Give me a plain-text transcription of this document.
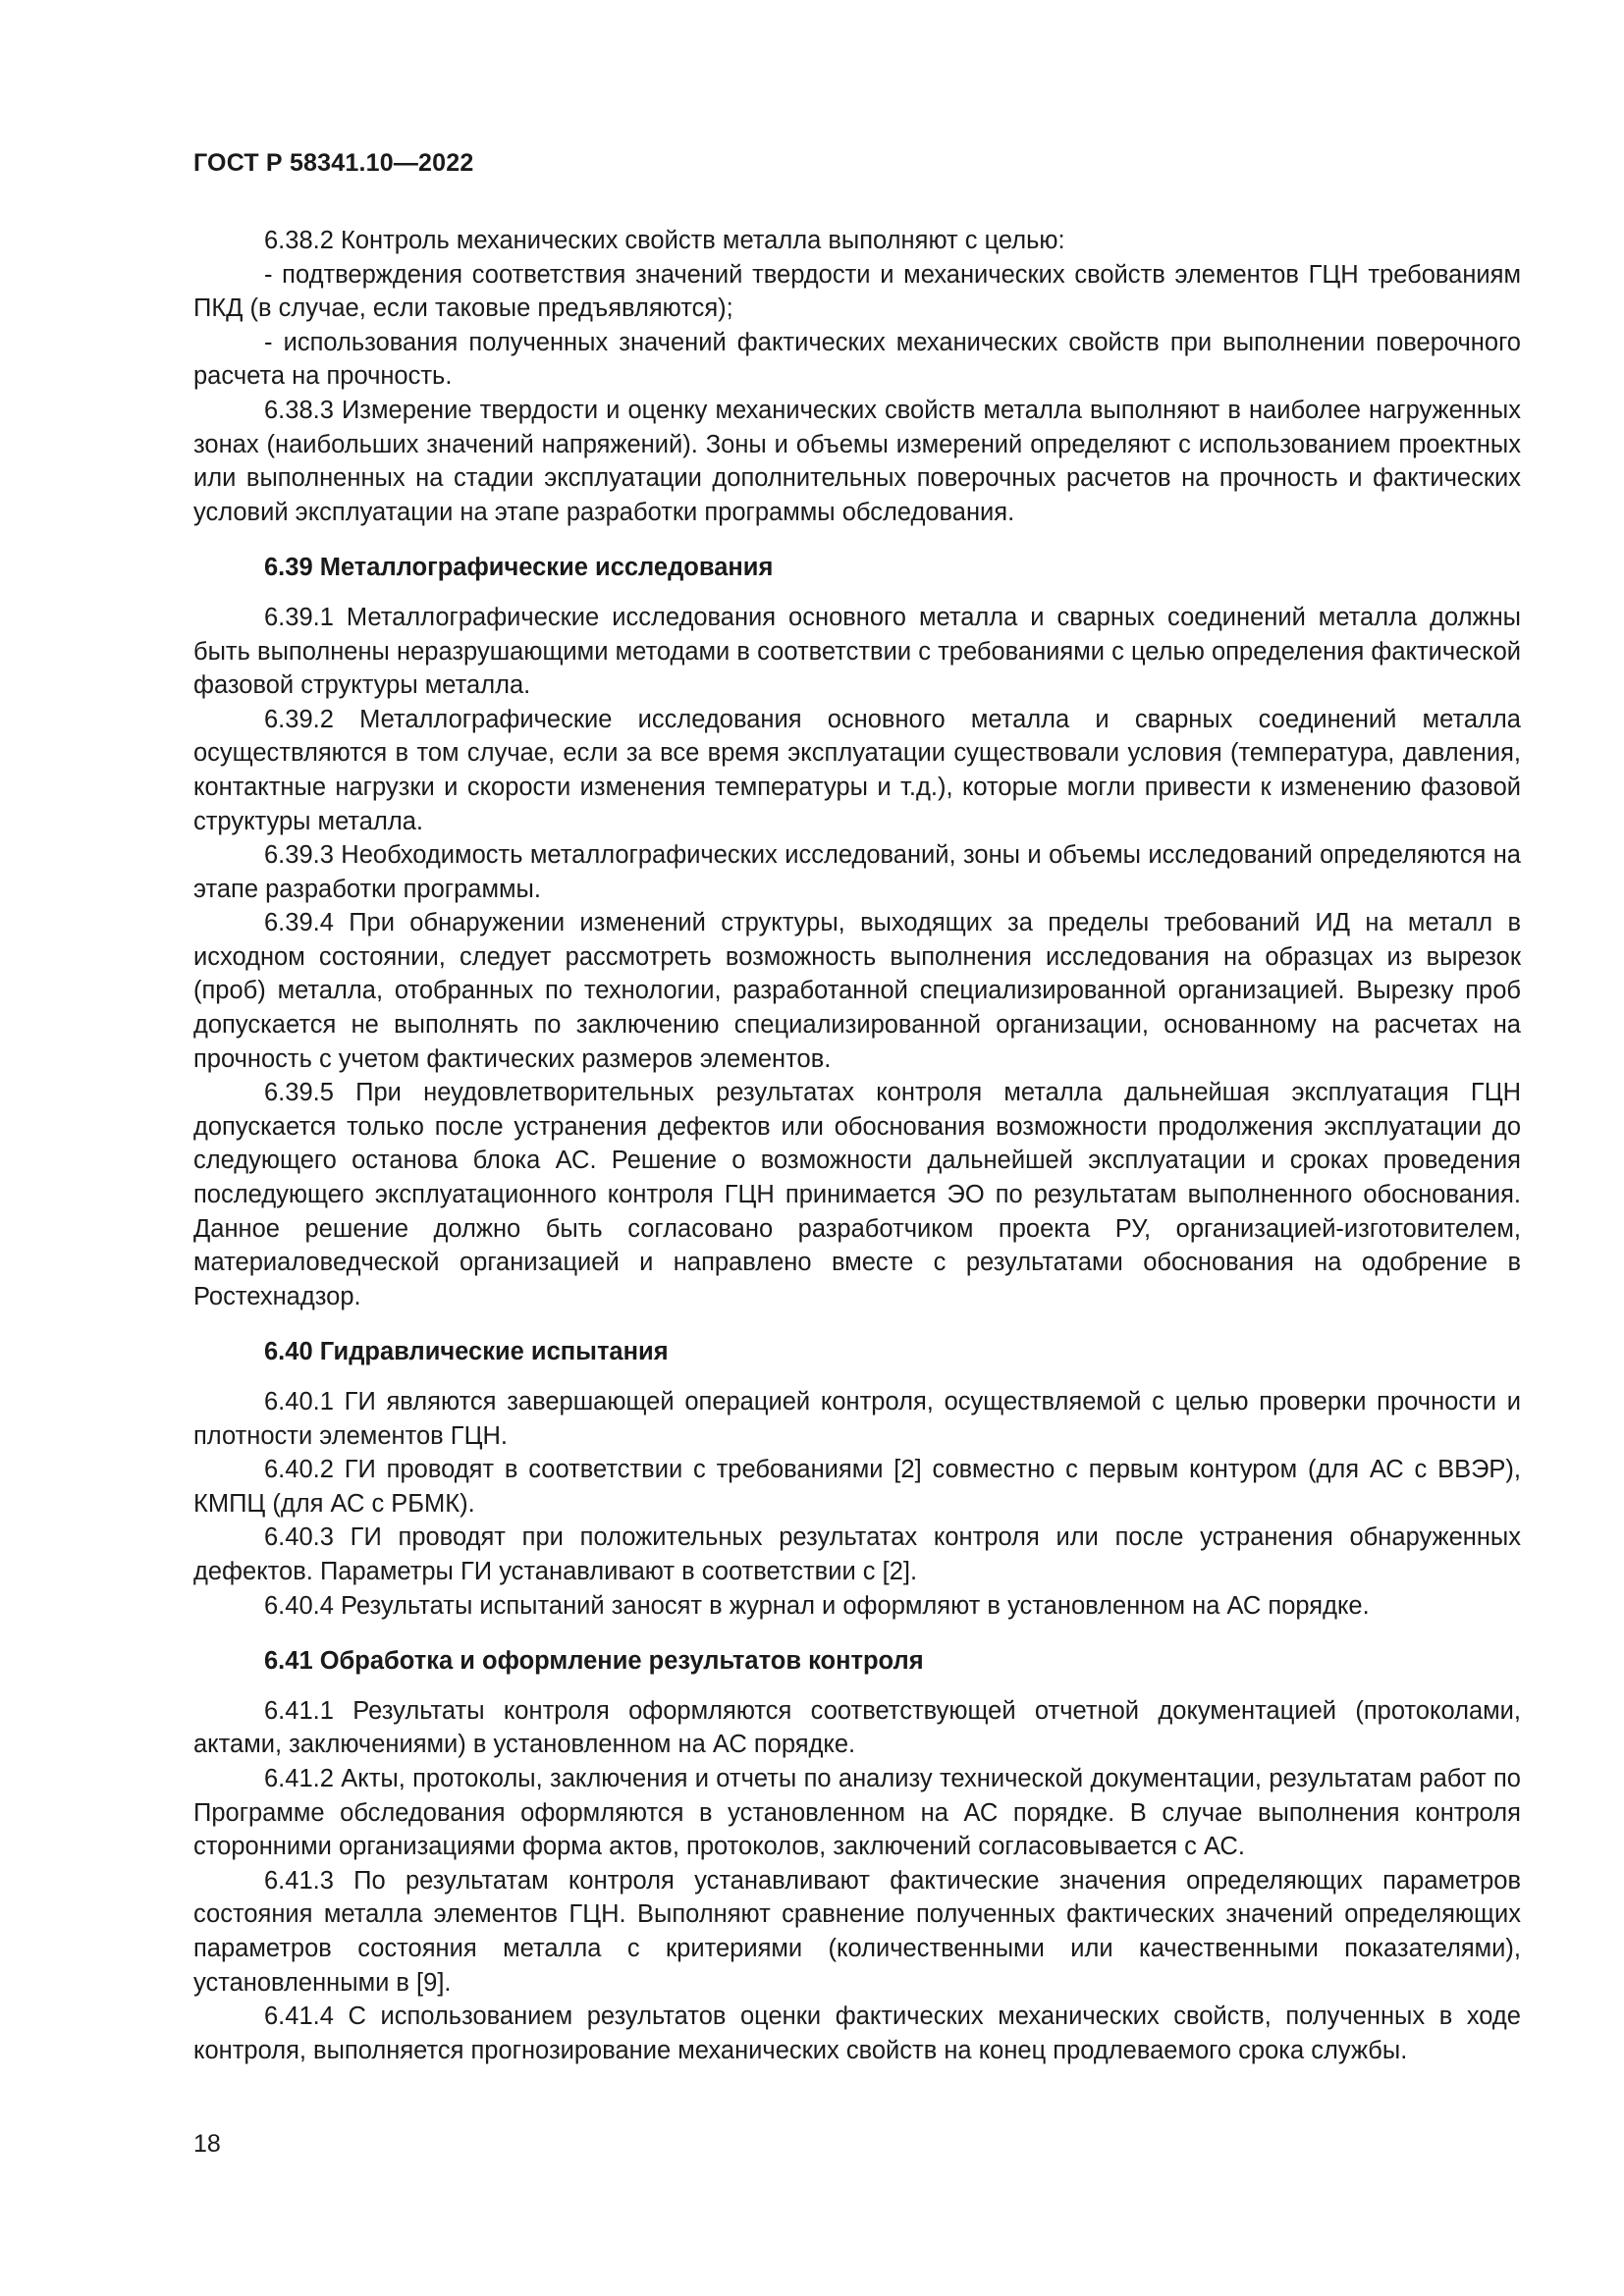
ГОСТ Р 58341.10—2022

6.38.2 Контроль механических свойств металла выполняют с целью:

- подтверждения соответствия значений твердости и механических свойств элементов ГЦН требованиям ПКД (в случае, если таковые предъявляются);

- использования полученных значений фактических механических свойств при выполнении поверочного расчета на прочность.

6.38.3 Измерение твердости и оценку механических свойств металла выполняют в наиболее нагруженных зонах (наибольших значений напряжений). Зоны и объемы измерений определяют с использованием проектных или выполненных на стадии эксплуатации дополнительных поверочных расчетов на прочность и фактических условий эксплуатации на этапе разработки программы обследования.

6.39 Металлографические исследования

6.39.1 Металлографические исследования основного металла и сварных соединений металла должны быть выполнены неразрушающими методами в соответствии с требованиями с целью определения фактической фазовой структуры металла.

6.39.2 Металлографические исследования основного металла и сварных соединений металла осуществляются в том случае, если за все время эксплуатации существовали условия (температура, давления, контактные нагрузки и скорости изменения температуры и т.д.), которые могли привести к изменению фазовой структуры металла.

6.39.3 Необходимость металлографических исследований, зоны и объемы исследований определяются на этапе разработки программы.

6.39.4 При обнаружении изменений структуры, выходящих за пределы требований ИД на металл в исходном состоянии, следует рассмотреть возможность выполнения исследования на образцах из вырезок (проб) металла, отобранных по технологии, разработанной специализированной организацией. Вырезку проб допускается не выполнять по заключению специализированной организации, основанному на расчетах на прочность с учетом фактических размеров элементов.

6.39.5 При неудовлетворительных результатах контроля металла дальнейшая эксплуатация ГЦН допускается только после устранения дефектов или обоснования возможности продолжения эксплуатации до следующего останова блока АС. Решение о возможности дальнейшей эксплуатации и сроках проведения последующего эксплуатационного контроля ГЦН принимается ЭО по результатам выполненного обоснования. Данное решение должно быть согласовано разработчиком проекта РУ, организацией-изготовителем, материаловедческой организацией и направлено вместе с результатами обоснования на одобрение в Ростехнадзор.

6.40 Гидравлические испытания

6.40.1 ГИ являются завершающей операцией контроля, осуществляемой с целью проверки прочности и плотности элементов ГЦН.

6.40.2 ГИ проводят в соответствии с требованиями [2] совместно с первым контуром (для АС с ВВЭР), КМПЦ (для АС с РБМК).

6.40.3 ГИ проводят при положительных результатах контроля или после устранения обнаруженных дефектов. Параметры ГИ устанавливают в соответствии с [2].

6.40.4 Результаты испытаний заносят в журнал и оформляют в установленном на АС порядке.

6.41 Обработка и оформление результатов контроля

6.41.1 Результаты контроля оформляются соответствующей отчетной документацией (протоколами, актами, заключениями) в установленном на АС порядке.

6.41.2 Акты, протоколы, заключения и отчеты по анализу технической документации, результатам работ по Программе обследования оформляются в установленном на АС порядке. В случае выполнения контроля сторонними организациями форма актов, протоколов, заключений согласовывается с АС.

6.41.3 По результатам контроля устанавливают фактические значения определяющих параметров состояния металла элементов ГЦН. Выполняют сравнение полученных фактических значений определяющих параметров состояния металла с критериями (количественными или качественными показателями), установленными в [9].

6.41.4 С использованием результатов оценки фактических механических свойств, полученных в ходе контроля, выполняется прогнозирование механических свойств на конец продлеваемого срока службы.

18
